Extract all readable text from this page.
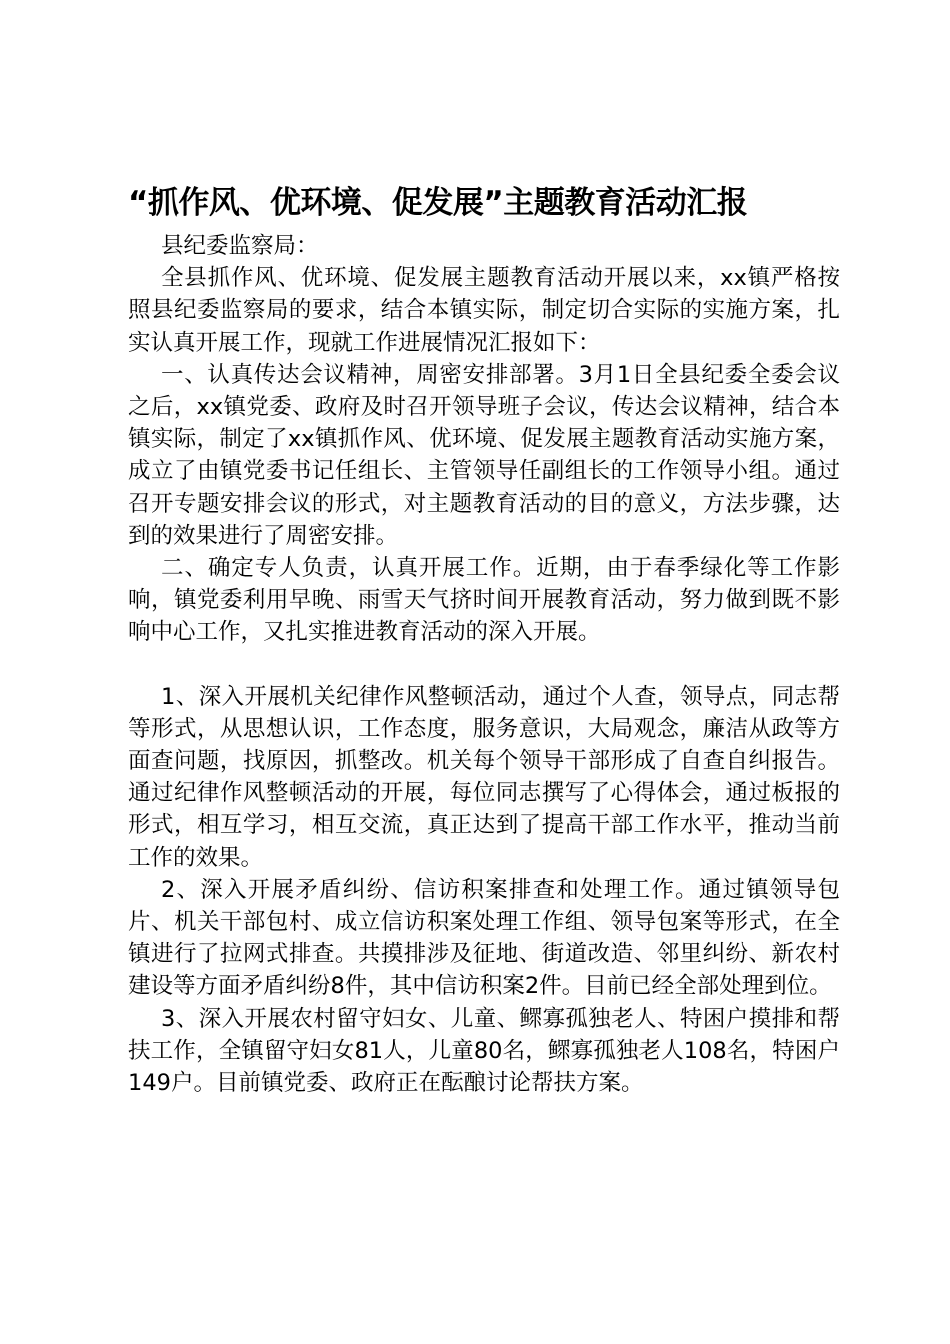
“抓作风、优环境、促发展”主题教育活动汇报

县纪委监察局：

全县抓作风、优环境、促发展主题教育活动开展以来，xx镇严格按照县纪委监察局的要求，结合本镇实际，制定切合实际的实施方案，扎实认真开展工作，现就工作进展情况汇报如下：

一、认真传达会议精神，周密安排部署。3月1日全县纪委全委会议之后，xx镇党委、政府及时召开领导班子会议，传达会议精神，结合本镇实际，制定了xx镇抓作风、优环境、促发展主题教育活动实施方案，成立了由镇党委书记任组长、主管领导任副组长的工作领导小组。通过召开专题安排会议的形式，对主题教育活动的目的意义，方法步骤，达到的效果进行了周密安排。

二、确定专人负责，认真开展工作。近期，由于春季绿化等工作影响，镇党委利用早晚、雨雪天气挤时间开展教育活动，努力做到既不影响中心工作，又扎实推进教育活动的深入开展。

1、深入开展机关纪律作风整顿活动，通过个人查，领导点，同志帮等形式，从思想认识，工作态度，服务意识，大局观念，廉洁从政等方面查问题，找原因，抓整改。机关每个领导干部形成了自查自纠报告。通过纪律作风整顿活动的开展，每位同志撰写了心得体会，通过板报的形式，相互学习，相互交流，真正达到了提高干部工作水平，推动当前工作的效果。

2、深入开展矛盾纠纷、信访积案排查和处理工作。通过镇领导包片、机关干部包村、成立信访积案处理工作组、领导包案等形式，在全镇进行了拉网式排查。共摸排涉及征地、街道改造、邻里纠纷、新农村建设等方面矛盾纠纷8件，其中信访积案2件。目前已经全部处理到位。

3、深入开展农村留守妇女、儿童、鳏寡孤独老人、特困户摸排和帮扶工作，全镇留守妇女81人，儿童80名，鳏寡孤独老人108名，特困户149户。目前镇党委、政府正在酝酿讨论帮扶方案。
